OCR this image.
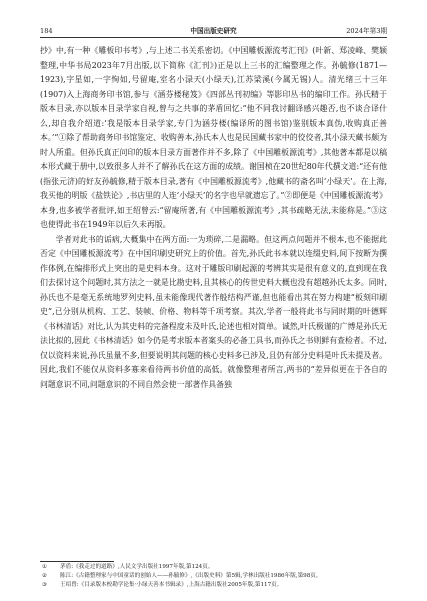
184	中国出版史研究	2024年第3期

抄》中,有一种《雕板印书考》,与上述二书关系密切。《中国雕板源流考汇刊》(叶新、郑凌峰、樊颖整理,中华书局2023年7月出版,以下简称《汇刊》)正是以上三书的汇编整理之作。孙毓修(1871—1923),字星如,一字恂如,号留庵,室名小渌天(小绿天),江苏梁溪(今属无锡)人。清光绪三十三年(1907)入上海商务印书馆,参与《涵芬楼秘笈》《四部丛刊初编》等影印丛书的编印工作。孙氏精于版本目录,亦以版本目录学家自视,曾与之共事的茅盾回忆:“他不同我讨翻译感兴趣否,也不谈合译什么,却自我介绍道:‘我是版本目录学家,专门为涵芬楼(编译所的图书馆)鉴别版本真伪,收购真正善本。’”①除了帮助商务印书馆鉴定、收购善本,孙氏本人也是民国藏书家中的佼佼者,其小渌天藏书颇为时人所重。但孙氏真正问印的版本目录方面著作并不多,除了《中国雕板源流考》,其他著本都是以稿本形式藏于册中,以致很多人并不了解孙氏在这方面的成绩。谢国桢在20世纪80年代撰文道:“还有他(指张元济)的好友孙毓修,精于版本目录,著有《中国雕板源流考》,他藏书的斋名叫‘小绿天’。在上海,我买他的明版《盐铁论》,书店里的人连‘小绿天’的名字也早就遗忘了。”②即便是《中国雕板源流考》本身,也多被学者批评,如王绍曾云:“留庵所著,有《中国雕板源流考》,其书疏略无法,未能称是。”③这也使得此书在1949年以后久未再版。

学者对此书的诟病,大概集中在两方面:一为琐碎,二是漏略。但这两点问题并不根本,也不能据此否定《中国雕板源流考》在中国印刷史研究上的价值。首先,孙氏此书本就以连缀史料,间下按断为撰作体例,在编排形式上突出的是史料本身。这对于雕版印刷起源的考辨其实是很有意义的,直到现在我们去探讨这个问题时,其方法之一就是比勘史料,且其核心的传世史料大概也没有超越孙氏太多。同时,孙氏也不是毫无系统地罗列史料,虽未能像现代著作般结构严谨,但也能看出其在努力构建“板刻印刷史”,已分别从机构、工艺、装帧、价格、物料等千项考察。其次,学者一般将此书与同时期的叶德辉《书林清话》对比,认为其史料的完备程度未及叶氏,论述也相对简单。诚然,叶氏极谨的广博是孙氏无法比拟的,因此《书林清话》如今仍是考求版本者案头的必备工具书,而孙氏之书则鲜有查检者。不过,仅以资料来说,孙氏虽量不多,但要说明其问题的核心史料多已涉及,且仍有部分史料是叶氏未提及者。因此,我们不能仅从资料多寡来看待两书价值的高低。就像整理者所言,两书的“差异似更在于各自的问题意识不同,问题意识的不同自然会使一部著作具备独

①	茅盾:《我走过的道路》,人民文学出版社1997年版,第124页。
②	陈江:《古籍整理家与中国童话的创始人——孙毓修》,《出版史料》第5辑,学林出版社1986年版,第98页。
③	王绍曾:《目录版本校勘学论集·小绿天善本书辑录》,上海古籍出版社2005年版,第117页。
